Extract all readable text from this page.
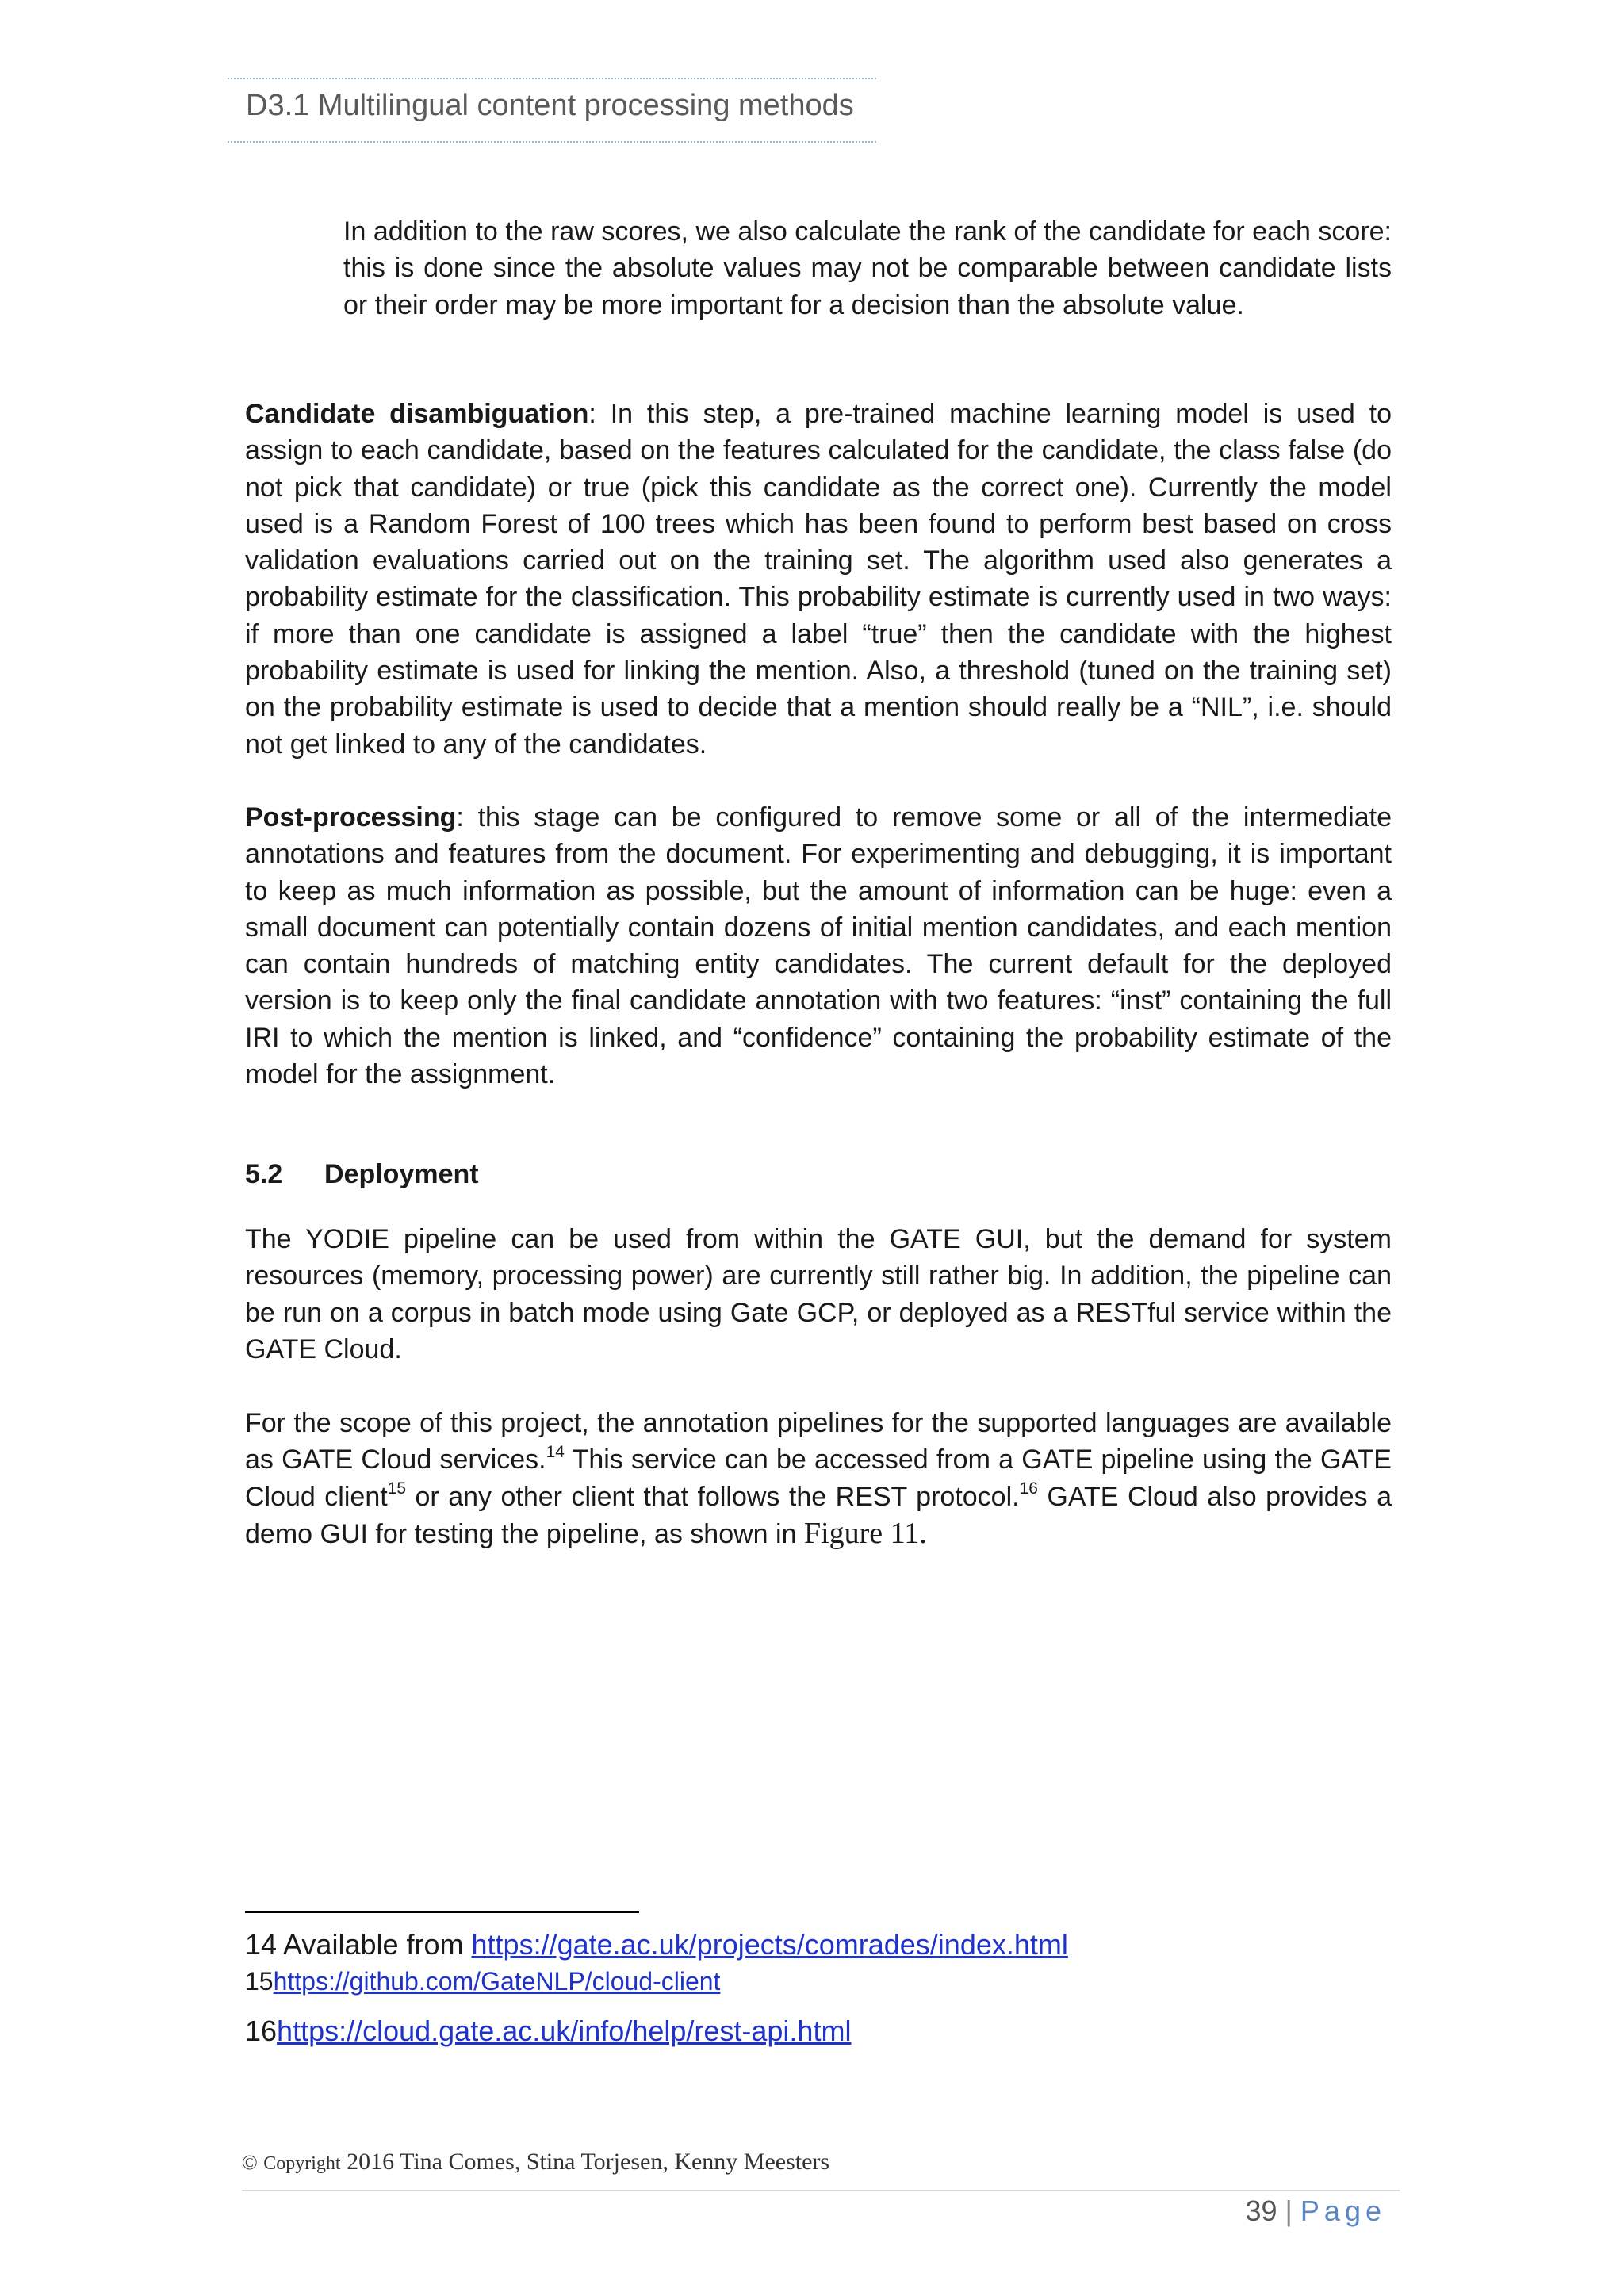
D3.1 Multilingual content processing methods
In addition to the raw scores, we also calculate the rank of the candidate for each score: this is done since the absolute values may not be comparable between candidate lists or their order may be more important for a decision than the absolute value.
Candidate disambiguation: In this step, a pre-trained machine learning model is used to assign to each candidate, based on the features calculated for the candidate, the class false (do not pick that candidate) or true (pick this candidate as the correct one). Currently the model used is a Random Forest of 100 trees which has been found to perform best based on cross validation evaluations carried out on the training set. The algorithm used also generates a probability estimate for the classification. This probability estimate is currently used in two ways: if more than one candidate is assigned a label “true” then the candidate with the highest probability estimate is used for linking the mention. Also, a threshold (tuned on the training set) on the probability estimate is used to decide that a mention should really be a “NIL”, i.e. should not get linked to any of the candidates.
Post-processing: this stage can be configured to remove some or all of the intermediate annotations and features from the document. For experimenting and debugging, it is important to keep as much information as possible, but the amount of information can be huge: even a small document can potentially contain dozens of initial mention candidates, and each mention can contain hundreds of matching entity candidates. The current default for the deployed version is to keep only the final candidate annotation with two features: “inst” containing the full IRI to which the mention is linked, and “confidence” containing the probability estimate of the model for the assignment.
5.2 Deployment
The YODIE pipeline can be used from within the GATE GUI, but the demand for system resources (memory, processing power) are currently still rather big. In addition, the pipeline can be run on a corpus in batch mode using Gate GCP, or deployed as a RESTful service within the GATE Cloud.
For the scope of this project, the annotation pipelines for the supported languages are available as GATE Cloud services.$^{14}$ This service can be accessed from a GATE pipeline using the GATE Cloud client$^{15}$ or any other client that follows the REST protocol.$^{16}$ GATE Cloud also provides a demo GUI for testing the pipeline, as shown in Figure 11.
14 Available from https://gate.ac.uk/projects/comrades/index.html
15https://github.com/GateNLP/cloud-client
16https://cloud.gate.ac.uk/info/help/rest-api.html
© Copyright 2016 Tina Comes, Stina Torjesen, Kenny Meesters
39 | Page
